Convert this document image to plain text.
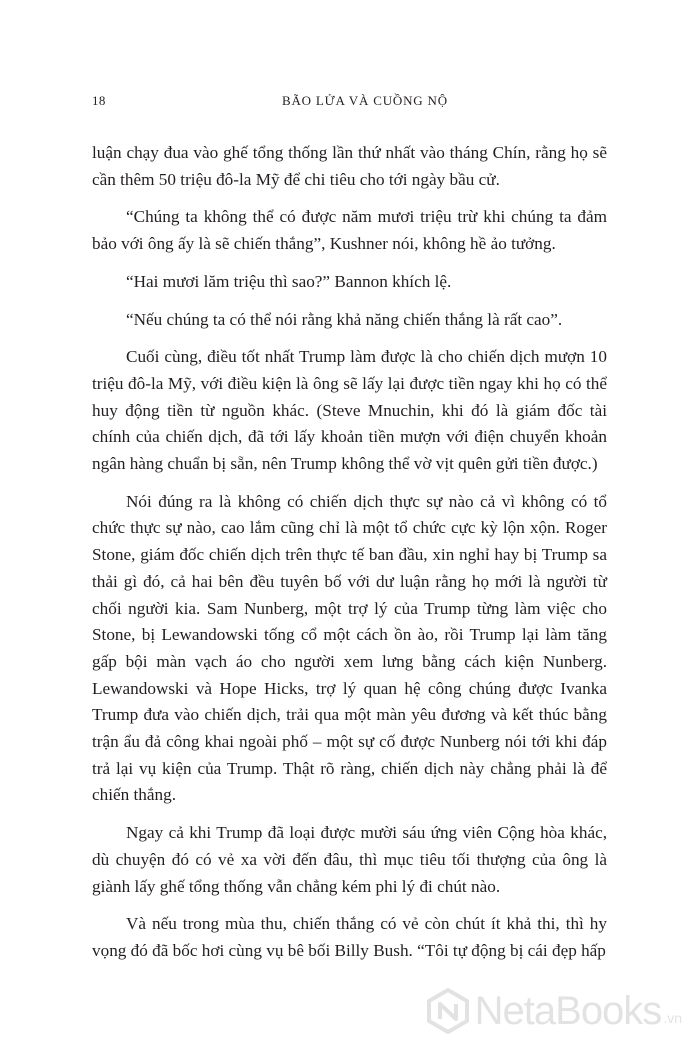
18	BÃO LỬA VÀ CUỒNG NỘ

luận chạy đua vào ghế tổng thống lần thứ nhất vào tháng Chín, rằng họ sẽ cần thêm 50 triệu đô-la Mỹ để chi tiêu cho tới ngày bầu cử.

“Chúng ta không thể có được năm mươi triệu trừ khi chúng ta đảm bảo với ông ấy là sẽ chiến thắng”, Kushner nói, không hề ảo tưởng.

“Hai mươi lăm triệu thì sao?” Bannon khích lệ.

“Nếu chúng ta có thể nói rằng khả năng chiến thắng là rất cao”.

Cuối cùng, điều tốt nhất Trump làm được là cho chiến dịch mượn 10 triệu đô-la Mỹ, với điều kiện là ông sẽ lấy lại được tiền ngay khi họ có thể huy động tiền từ nguồn khác. (Steve Mnuchin, khi đó là giám đốc tài chính của chiến dịch, đã tới lấy khoản tiền mượn với điện chuyển khoản ngân hàng chuẩn bị sẵn, nên Trump không thể vờ vịt quên gửi tiền được.)

Nói đúng ra là không có chiến dịch thực sự nào cả vì không có tổ chức thực sự nào, cao lắm cũng chỉ là một tổ chức cực kỳ lộn xộn. Roger Stone, giám đốc chiến dịch trên thực tế ban đầu, xin nghỉ hay bị Trump sa thải gì đó, cả hai bên đều tuyên bố với dư luận rằng họ mới là người từ chối người kia. Sam Nunberg, một trợ lý của Trump từng làm việc cho Stone, bị Lewandowski tống cổ một cách ồn ào, rồi Trump lại làm tăng gấp bội màn vạch áo cho người xem lưng bằng cách kiện Nunberg. Lewandowski và Hope Hicks, trợ lý quan hệ công chúng được Ivanka Trump đưa vào chiến dịch, trải qua một màn yêu đương và kết thúc bằng trận ẩu đả công khai ngoài phố – một sự cố được Nunberg nói tới khi đáp trả lại vụ kiện của Trump. Thật rõ ràng, chiến dịch này chẳng phải là để chiến thắng.

Ngay cả khi Trump đã loại được mười sáu ứng viên Cộng hòa khác, dù chuyện đó có vẻ xa vời đến đâu, thì mục tiêu tối thượng của ông là giành lấy ghế tổng thống vẫn chẳng kém phi lý đi chút nào.

Và nếu trong mùa thu, chiến thắng có vẻ còn chút ít khả thi, thì hy vọng đó đã bốc hơi cùng vụ bê bối Billy Bush. “Tôi tự động bị cái đẹp hấp

NetaBooks .vn
